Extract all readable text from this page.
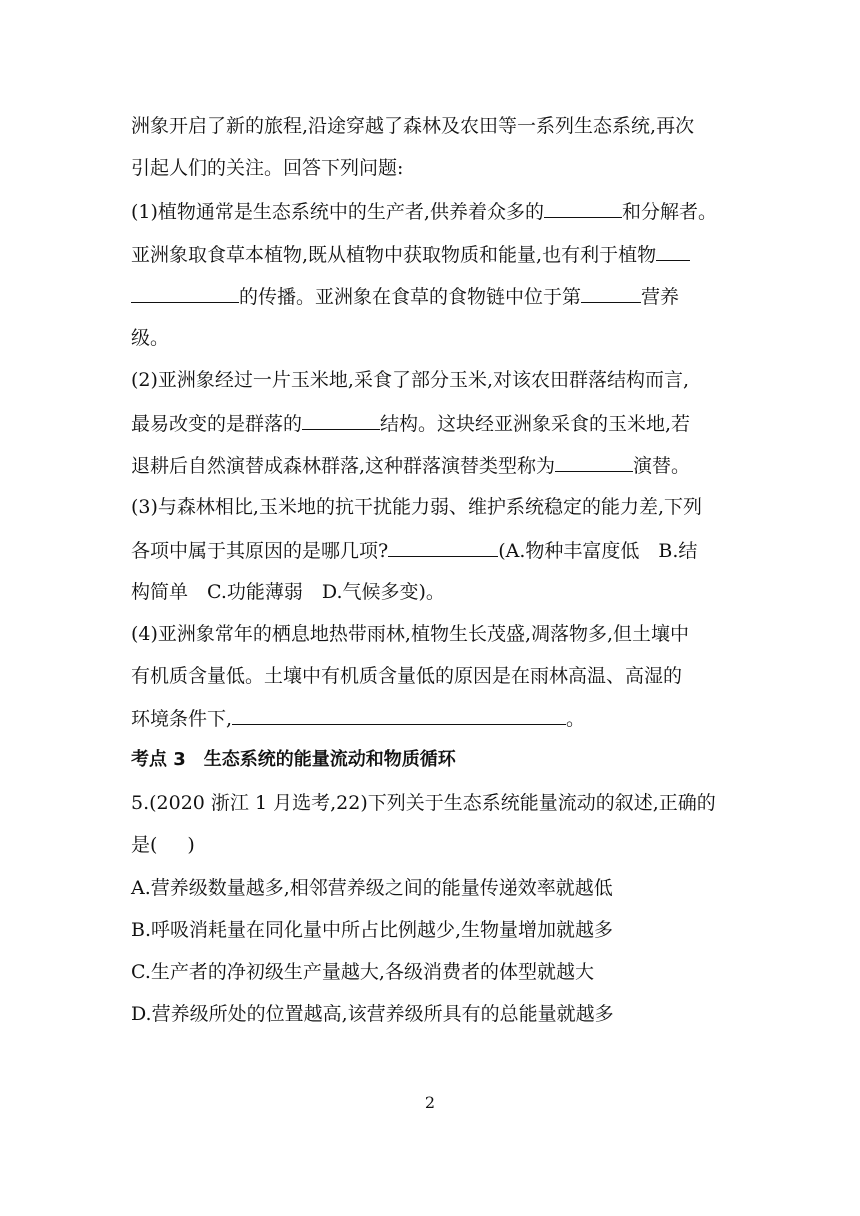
洲象开启了新的旅程,沿途穿越了森林及农田等一系列生态系统,再次
引起人们的关注。回答下列问题:
(1)植物通常是生态系统中的生产者,供养着众多的	和分解者。
亚洲象取食草本植物,既从植物中获取物质和能量,也有利于植物
的传播。亚洲象在食草的食物链中位于第	营养
级。
(2)亚洲象经过一片玉米地,采食了部分玉米,对该农田群落结构而言,
最易改变的是群落的	结构。这块经亚洲象采食的玉米地,若
退耕后自然演替成森林群落,这种群落演替类型称为	演替。
(3)与森林相比,玉米地的抗干扰能力弱、维护系统稳定的能力差,下列
各项中属于其原因的是哪几项?	(A.物种丰富度低　B.结
构简单　C.功能薄弱　D.气候多变)。
(4)亚洲象常年的栖息地热带雨林,植物生长茂盛,凋落物多,但土壤中
有机质含量低。土壤中有机质含量低的原因是在雨林高温、高湿的
环境条件下,	。
考点 3　生态系统的能量流动和物质循环
5.(2020 浙江 1 月选考,22)下列关于生态系统能量流动的叙述,正确的
是( )
A.营养级数量越多,相邻营养级之间的能量传递效率就越低
B.呼吸消耗量在同化量中所占比例越少,生物量增加就越多
C.生产者的净初级生产量越大,各级消费者的体型就越大
D.营养级所处的位置越高,该营养级所具有的总能量就越多
2
